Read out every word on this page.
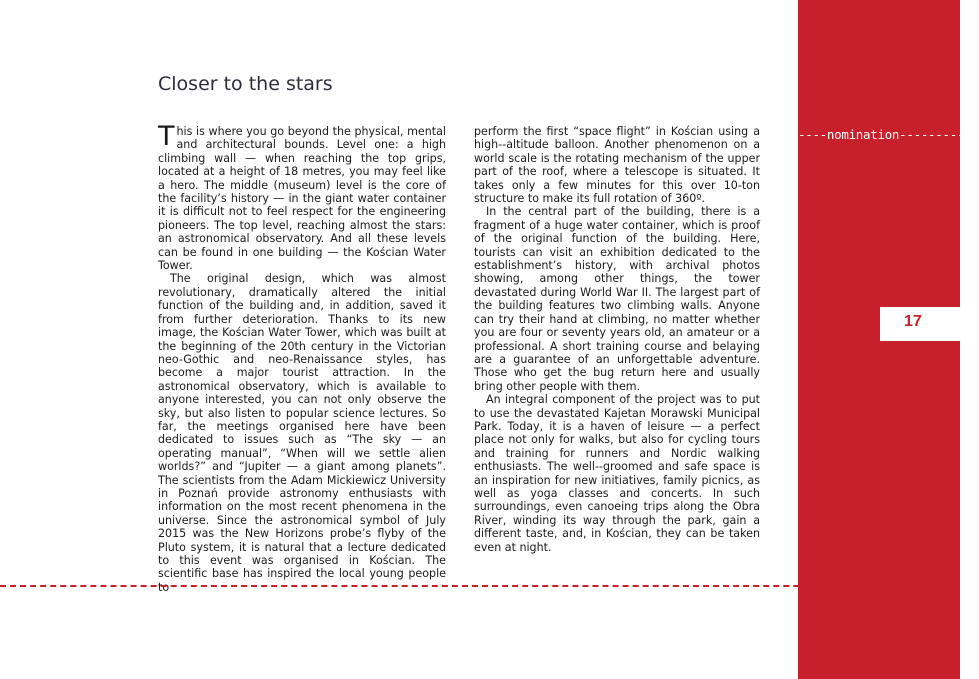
----nomination-----------
17
Closer to the stars

This is where you go beyond the physical, mental and architectural bounds. Level one: a high climbing wall — when reaching the top grips, located at a height of 18 metres, you may feel like a hero. The middle (museum) level is the core of the facility’s history — in the giant water container it is difficult not to feel respect for the engineering pioneers. The top level, reaching almost the stars: an astronomical observatory. And all these levels can be found in one building — the Kościan Water Tower.

The original design, which was almost revolutionary, dramatically altered the initial function of the building and, in addition, saved it from further deterioration. Thanks to its new image, the Kościan Water Tower, which was built at the beginning of the 20th century in the Victorian neo-Gothic and neo-Renaissance styles, has become a major tourist attraction. In the astronomical observatory, which is available to anyone interested, you can not only observe the sky, but also listen to popular science lectures. So far, the meetings organised here have been dedicated to issues such as “The sky — an operating manual”, “When will we settle alien worlds?” and “Jupiter — a giant among planets”. The scientists from the Adam Mickiewicz University in Poznań provide astronomy enthusiasts with information on the most recent phenomena in the universe. Since the astronomical symbol of July 2015 was the New Horizons probe’s flyby of the Pluto system, it is natural that a lecture dedicated to this event was organised in Kościan. The scientific base has inspired the local young people to

perform the first “space flight” in Kościan using a high--altitude balloon. Another phenomenon on a world scale is the rotating mechanism of the upper part of the roof, where a telescope is situated. It takes only a few minutes for this over 10-ton structure to make its full rotation of 360º.

In the central part of the building, there is a fragment of a huge water container, which is proof of the original function of the building. Here, tourists can visit an exhibition dedicated to the establishment’s history, with archival photos showing, among other things, the tower devastated during World War II. The largest part of the building features two climbing walls. Anyone can try their hand at climbing, no matter whether you are four or seventy years old, an amateur or a professional. A short training course and belaying are a guarantee of an unforgettable adventure. Those who get the bug return here and usually bring other people with them.

An integral component of the project was to put to use the devastated Kajetan Morawski Municipal Park. Today, it is a haven of leisure — a perfect place not only for walks, but also for cycling tours and training for runners and Nordic walking enthusiasts. The well--groomed and safe space is an inspiration for new initiatives, family picnics, as well as yoga classes and concerts. In such surroundings, even canoeing trips along the Obra River, winding its way through the park, gain a different taste, and, in Kościan, they can be taken even at night.
